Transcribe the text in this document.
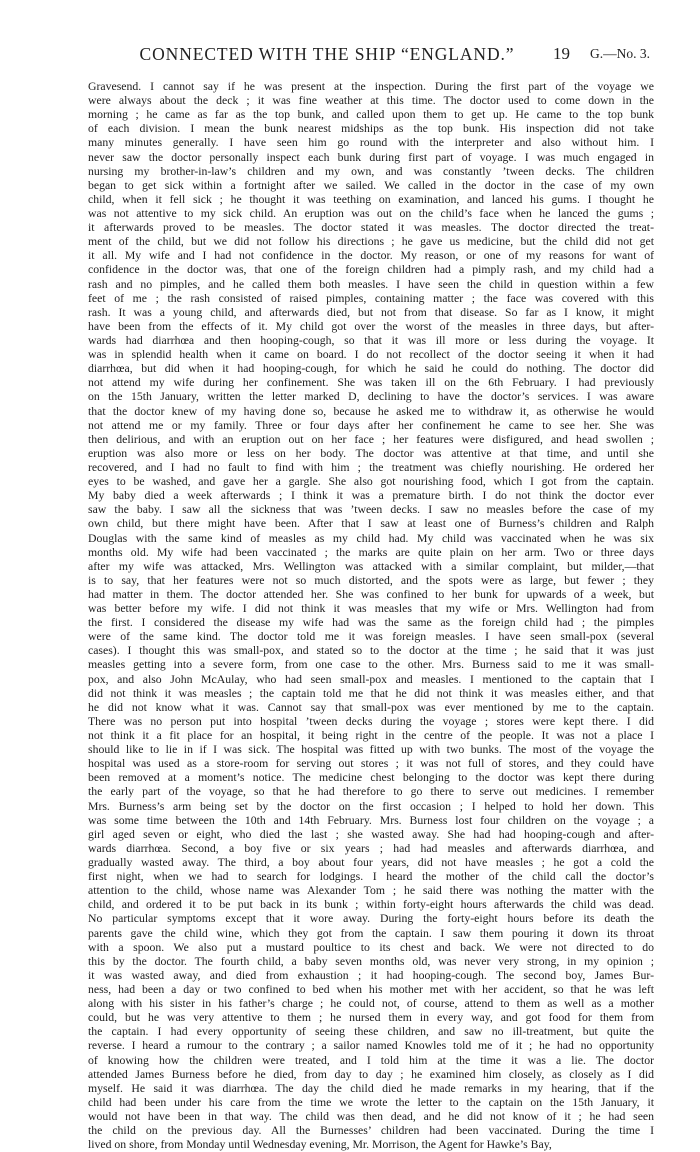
CONNECTED WITH THE SHIP “ENGLAND.”	19 G.—No. 3.
Gravesend. I cannot say if he was present at the inspection. During the first part of the voyage we
were always about the deck ; it was fine weather at this time. The doctor used to come down in the
morning ; he came as far as the top bunk, and called upon them to get up. He came to the top bunk
of each division. I mean the bunk nearest midships as the top bunk. His inspection did not take
many minutes generally. I have seen him go round with the interpreter and also without him. I
never saw the doctor personally inspect each bunk during first part of voyage. I was much engaged in
nursing my brother-in-law’s children and my own, and was constantly ’tween decks. The children
began to get sick within a fortnight after we sailed. We called in the doctor in the case of my own
child, when it fell sick ; he thought it was teething on examination, and lanced his gums. I thought he
was not attentive to my sick child. An eruption was out on the child’s face when he lanced the gums ;
it afterwards proved to be measles. The doctor stated it was measles. The doctor directed the treat-
ment of the child, but we did not follow his directions ; he gave us medicine, but the child did not get
it all. My wife and I had not confidence in the doctor. My reason, or one of my reasons for want of
confidence in the doctor was, that one of the foreign children had a pimply rash, and my child had a
rash and no pimples, and he called them both measles. I have seen the child in question within a few
feet of me ; the rash consisted of raised pimples, containing matter ; the face was covered with this
rash. It was a young child, and afterwards died, but not from that disease. So far as I know, it might
have been from the effects of it. My child got over the worst of the measles in three days, but after-
wards had diarrhœa and then hooping-cough, so that it was ill more or less during the voyage. It
was in splendid health when it came on board. I do not recollect of the doctor seeing it when it had
diarrhœa, but did when it had hooping-cough, for which he said he could do nothing. The doctor did
not attend my wife during her confinement. She was taken ill on the 6th February. I had previously
on the 15th January, written the letter marked D, declining to have the doctor’s services. I was aware
that the doctor knew of my having done so, because he asked me to withdraw it, as otherwise he would
not attend me or my family. Three or four days after her confinement he came to see her. She was
then delirious, and with an eruption out on her face ; her features were disfigured, and head swollen ;
eruption was also more or less on her body. The doctor was attentive at that time, and until she
recovered, and I had no fault to find with him ; the treatment was chiefly nourishing. He ordered her
eyes to be washed, and gave her a gargle. She also got nourishing food, which I got from the captain.
My baby died a week afterwards ; I think it was a premature birth. I do not think the doctor ever
saw the baby. I saw all the sickness that was ’tween decks. I saw no measles before the case of my
own child, but there might have been. After that I saw at least one of Burness’s children and Ralph
Douglas with the same kind of measles as my child had. My child was vaccinated when he was six
months old. My wife had been vaccinated ; the marks are quite plain on her arm. Two or three days
after my wife was attacked, Mrs. Wellington was attacked with a similar complaint, but milder,—that
is to say, that her features were not so much distorted, and the spots were as large, but fewer ; they
had matter in them. The doctor attended her. She was confined to her bunk for upwards of a week, but
was better before my wife. I did not think it was measles that my wife or Mrs. Wellington had from
the first. I considered the disease my wife had was the same as the foreign child had ; the pimples
were of the same kind. The doctor told me it was foreign measles. I have seen small-pox (several
cases). I thought this was small-pox, and stated so to the doctor at the time ; he said that it was just
measles getting into a severe form, from one case to the other. Mrs. Burness said to me it was small-
pox, and also John McAulay, who had seen small-pox and measles. I mentioned to the captain that I
did not think it was measles ; the captain told me that he did not think it was measles either, and that
he did not know what it was. Cannot say that small-pox was ever mentioned by me to the captain.
There was no person put into hospital ’tween decks during the voyage ; stores were kept there. I did
not think it a fit place for an hospital, it being right in the centre of the people. It was not a place I
should like to lie in if I was sick. The hospital was fitted up with two bunks. The most of the voyage the
hospital was used as a store-room for serving out stores ; it was not full of stores, and they could have
been removed at a moment’s notice. The medicine chest belonging to the doctor was kept there during
the early part of the voyage, so that he had therefore to go there to serve out medicines. I remember
Mrs. Burness’s arm being set by the doctor on the first occasion ; I helped to hold her down. This
was some time between the 10th and 14th February. Mrs. Burness lost four children on the voyage ; a
girl aged seven or eight, who died the last ; she wasted away. She had had hooping-cough and after-
wards diarrhœa. Second, a boy five or six years ; had had measles and afterwards diarrhœa, and
gradually wasted away. The third, a boy about four years, did not have measles ; he got a cold the
first night, when we had to search for lodgings. I heard the mother of the child call the doctor’s
attention to the child, whose name was Alexander Tom ; he said there was nothing the matter with the
child, and ordered it to be put back in its bunk ; within forty-eight hours afterwards the child was dead.
No particular symptoms except that it wore away. During the forty-eight hours before its death the
parents gave the child wine, which they got from the captain. I saw them pouring it down its throat
with a spoon. We also put a mustard poultice to its chest and back. We were not directed to do
this by the doctor. The fourth child, a baby seven months old, was never very strong, in my opinion ;
it was wasted away, and died from exhaustion ; it had hooping-cough. The second boy, James Bur-
ness, had been a day or two confined to bed when his mother met with her accident, so that he was left
along with his sister in his father’s charge ; he could not, of course, attend to them as well as a mother
could, but he was very attentive to them ; he nursed them in every way, and got food for them from
the captain. I had every opportunity of seeing these children, and saw no ill-treatment, but quite the
reverse. I heard a rumour to the contrary ; a sailor named Knowles told me of it ; he had no opportunity
of knowing how the children were treated, and I told him at the time it was a lie. The doctor
attended James Burness before he died, from day to day ; he examined him closely, as closely as I did
myself. He said it was diarrhœa. The day the child died he made remarks in my hearing, that if the
child had been under his care from the time we wrote the letter to the captain on the 15th January, it
would not have been in that way. The child was then dead, and he did not know of it ; he had seen
the child on the previous day. All the Burnesses’ children had been vaccinated. During the time I
lived on shore, from Monday until Wednesday evening, Mr. Morrison, the Agent for Hawke’s Bay,
